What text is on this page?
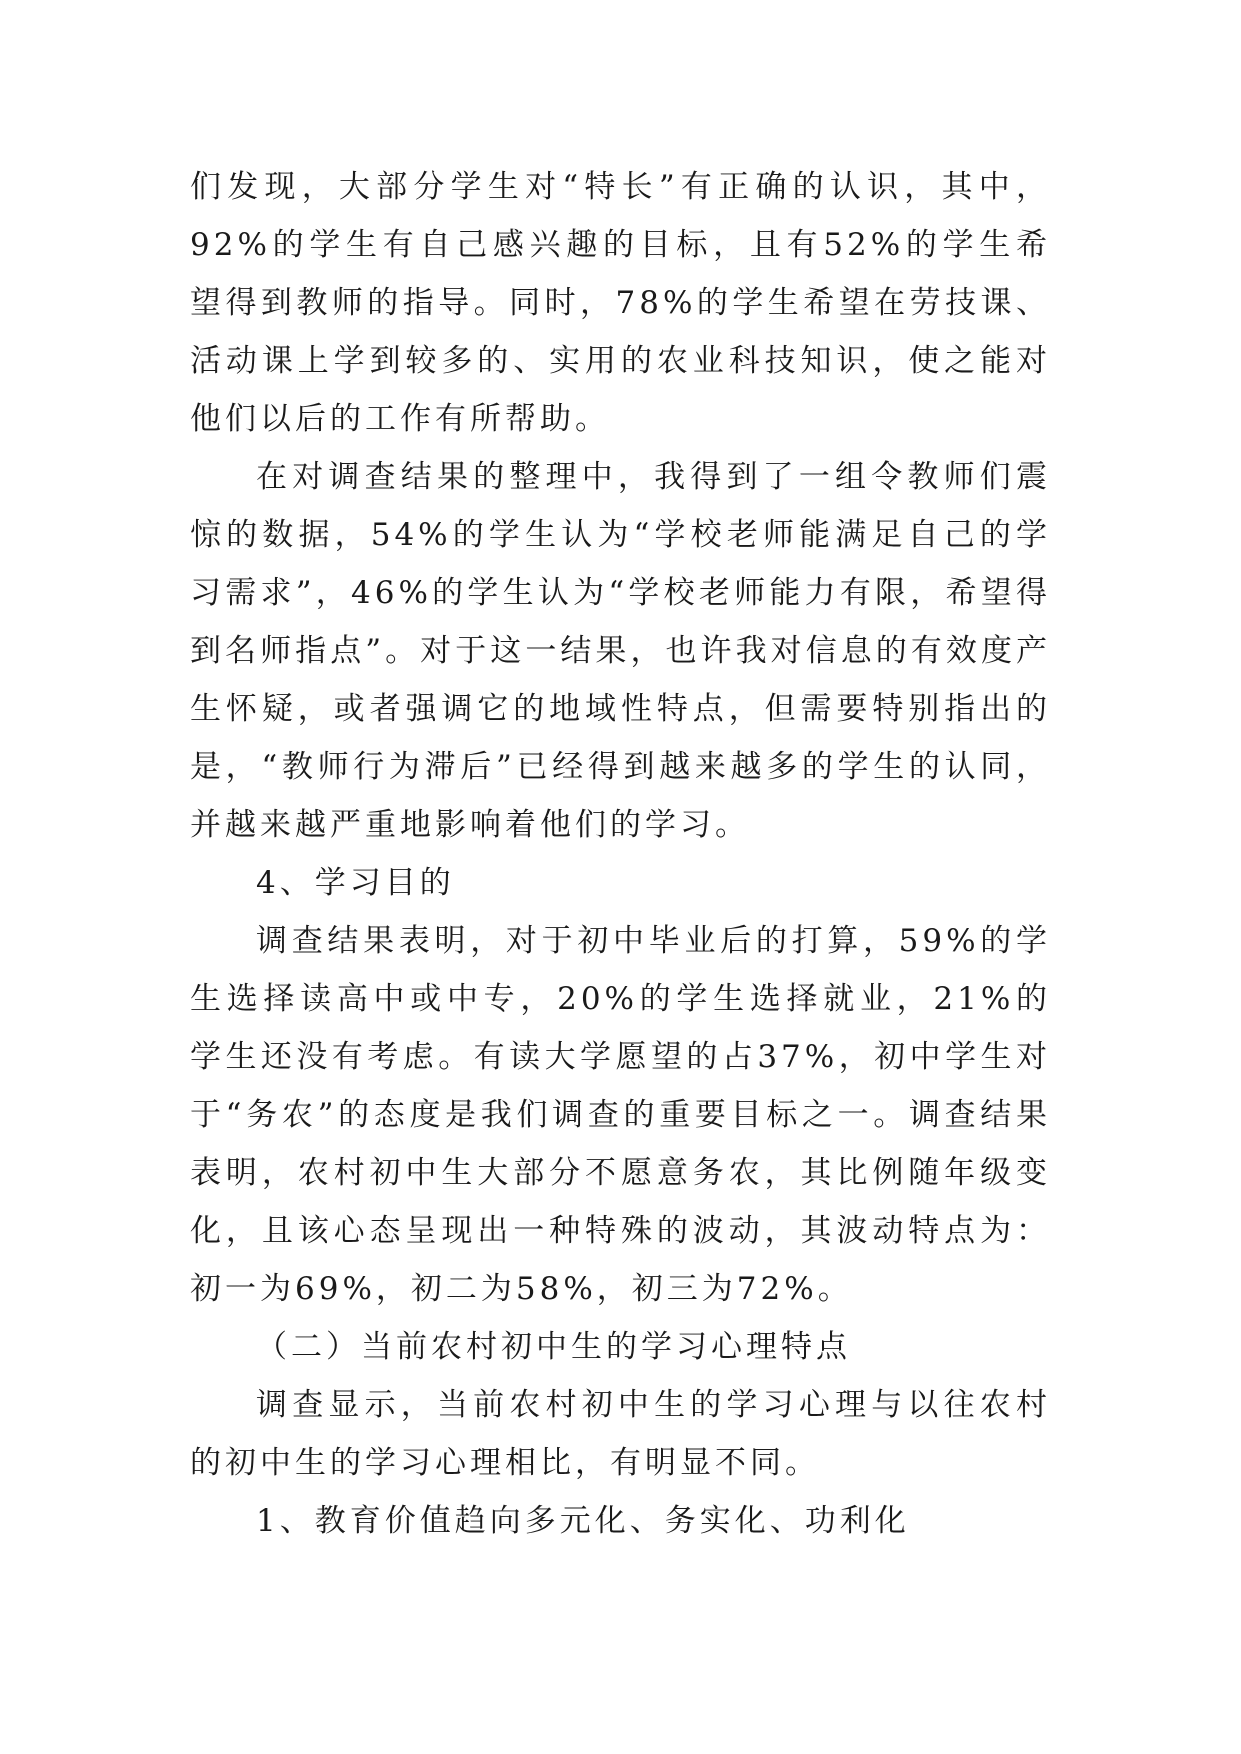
们发现，大部分学生对“特长”有正确的认识，其中，92%的学生有自己感兴趣的目标，且有52%的学生希望得到教师的指导。同时，78%的学生希望在劳技课、活动课上学到较多的、实用的农业科技知识，使之能对他们以后的工作有所帮助。

在对调查结果的整理中，我得到了一组令教师们震惊的数据，54%的学生认为“学校老师能满足自己的学习需求”，46%的学生认为“学校老师能力有限，希望得到名师指点”。对于这一结果，也许我对信息的有效度产生怀疑，或者强调它的地域性特点，但需要特别指出的是，“教师行为滞后”已经得到越来越多的学生的认同，并越来越严重地影响着他们的学习。

4、学习目的

调查结果表明，对于初中毕业后的打算，59%的学生选择读高中或中专，20%的学生选择就业，21%的学生还没有考虑。有读大学愿望的占37%，初中学生对于“务农”的态度是我们调查的重要目标之一。调查结果表明，农村初中生大部分不愿意务农，其比例随年级变化，且该心态呈现出一种特殊的波动，其波动特点为：初一为69%，初二为58%，初三为72%。

（二）当前农村初中生的学习心理特点

调查显示，当前农村初中生的学习心理与以往农村的初中生的学习心理相比，有明显不同。

1、教育价值趋向多元化、务实化、功利化
